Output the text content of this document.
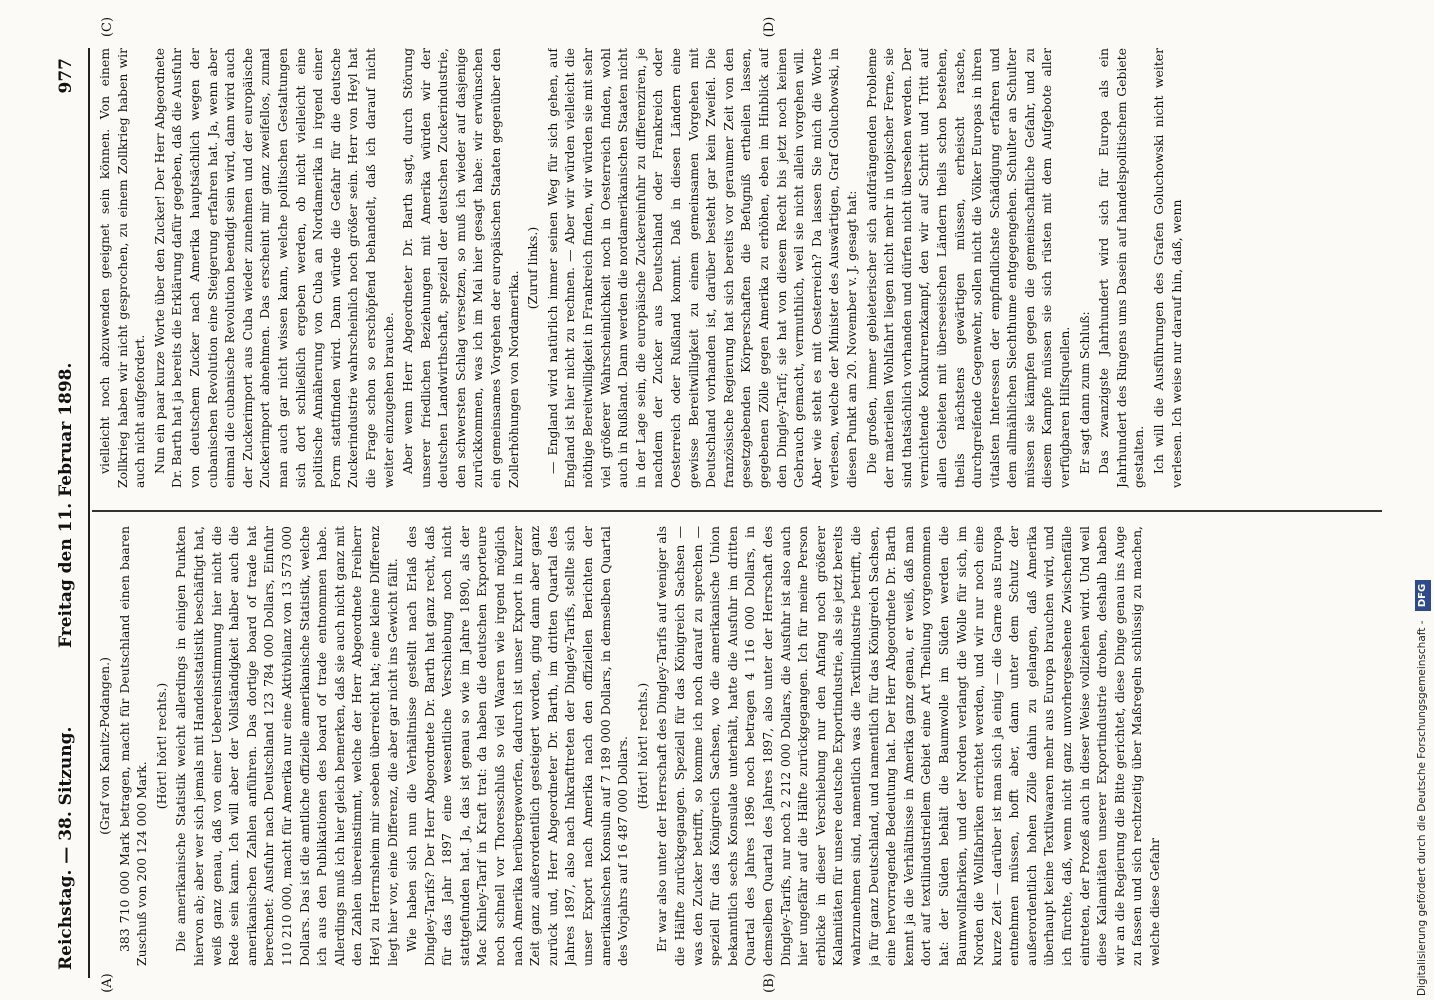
Reichstag. — 38. Sitzung.
Freitag den 11. Februar 1898.
977
(A)	(B)
(C)	(D)

(Graf von Kanitz-Podangen.) 383 710 000 Mark betragen, macht für Deutschland einen baaren Zuschuß von 200 124 000 Mark.

(Hört! hört! rechts.) Die amerikanische Statistik weicht allerdings in einigen Punkten hiervon ab; aber wer sich jemals mit Handelsstatistik beschäftigt hat, weiß ganz genau, daß von einer Uebereinstimmung hier nicht die Rede sein kann. Ich will aber der Vollständigkeit halber auch die amerikanischen Zahlen anführen. Das dortige board of trade hat berechnet: Ausfuhr nach Deutschland 123 784 000 Dollars, Einfuhr 110 210 000, macht für Amerika nur eine Aktivbilanz von 13 573 000 Dollars. Das ist die amtliche offizielle amerikanische Statistik, welche ich aus den Publikationen des board of trade entnommen habe. Allerdings muß ich hier gleich bemerken, daß sie auch nicht ganz mit den Zahlen übereinstimmt, welche der Herr Abgeordnete Freiherr Heyl zu Herrnsheim mir soeben überreicht hat; eine kleine Differenz liegt hier vor, eine Differenz, die aber gar nicht ins Gewicht fällt. Wie haben sich nun die Verhältnisse gestellt nach Erlaß des Dingley-Tarifs? Der Herr Abgeordnete Dr. Barth hat ganz recht, daß für das Jahr 1897 eine wesentliche Verschiebung noch nicht stattgefunden hat. Ja, das ist genau so wie im Jahre 1890, als der Mac Kinley-Tarif in Kraft trat: da haben die deutschen Exporteure noch schnell vor Thoresschluß so viel Waaren wie irgend möglich nach Amerika herübergeworfen, dadurch ist unser Export in kurzer Zeit ganz außerordentlich gesteigert worden, ging dann aber ganz zurück und, Herr Abgeordneter Dr. Barth, im dritten Quartal des Jahres 1897, also nach Inkrafttreten der Dingley-Tarifs, stellte sich unser Export nach Amerika nach den offiziellen Berichten der amerikanischen Konsuln auf 7 189 000 Dollars, in demselben Quartal des Vorjahrs auf 16 487 000 Dollars. (Hört! hört! rechts.) Er war also unter der Herrschaft des Dingley-Tarifs auf weniger als die Hälfte zurückgegangen. Speziell für das Königreich Sachsen — was den Zucker betrifft, so komme ich noch darauf zu sprechen — speziell für das Königreich Sachsen, wo die amerikanische Union bekanntlich sechs Konsulate unterhält, hatte die Ausfuhr im dritten Quartal des Jahres 1896 noch betragen 4 116 000 Dollars, in demselben Quartal des Jahres 1897, also unter der Herrschaft des Dingley-Tarifs, nur noch 2 212 000 Dollars, die Ausfuhr ist also auch hier ungefähr auf die Hälfte zurückgegangen. Ich für meine Person erblicke in dieser Verschiebung nur den Anfang noch größerer Kalamitäten für unsere deutsche Exportindustrie, als sie jetzt bereits wahrzunehmen sind, namentlich was die Textilindustrie betrifft, die ja für ganz Deutschland, und namentlich für das Königreich Sachsen, eine hervorragende Bedeutung hat. Der Herr Abgeordnete Dr. Barth kennt ja die Verhältnisse in Amerika ganz genau, er weiß, daß man dort auf textilindustriellem Gebiet eine Art Theilung vorgenommen hat: der Süden behält die Baumwolle im Süden werden die Baumwollfabriken, und der Norden verlangt die Wolle für sich, im Norden die Wollfabriken errichtet werden, und wir nur noch eine kurze Zeit — darüber ist man sich ja einig — die Garne aus Europa entnehmen müssen, hofft aber, dann unter dem Schutz der außerordentlich hohen Zölle dahin zu gelangen, daß Amerika überhaupt keine Textilwaaren mehr aus Europa brauchen wird, und ich fürchte, daß, wenn nicht ganz unvorhergesehene Zwischenfälle eintreten, der Prozeß auch in dieser Weise vollziehen wird. Und weil diese Kalamitäten unserer Exportindustrie drohen, deshalb haben wir an die Regierung die Bitte gerichtet, diese Dinge genau ins Auge zu fassen und sich rechtzeitig über Maßregeln schlüssig zu machen, welche diese Gefahr

vielleicht noch abzuwenden geeignet sein können. Von einem Zollkrieg haben wir nicht gesprochen, zu einem Zollkrieg haben wir auch nicht aufgefordert. Nun ein paar kurze Worte über den Zucker! Der Herr Abgeordnete Dr. Barth hat ja bereits die Erklärung dafür gegeben, daß die Ausfuhr von deutschem Zucker nach Amerika hauptsächlich wegen der cubanischen Revolution eine Steigerung erfahren hat. Ja, wenn aber einmal die cubanische Revolution beendigt sein wird, dann wird auch der Zuckerimport aus Cuba wieder zunehmen und der europäische Zuckerimport abnehmen. Das erscheint mir ganz zweifellos, zumal man auch gar nicht wissen kann, welche politischen Gestaltungen sich dort schließlich ergeben werden, ob nicht vielleicht eine politische Annäherung von Cuba an Nordamerika in irgend einer Form stattfinden wird. Dann würde die Gefahr für die deutsche Zuckerindustrie wahrscheinlich noch größer sein. Herr von Heyl hat die Frage schon so erschöpfend behandelt, daß ich darauf nicht weiter einzugehen brauche. Aber wenn Herr Abgeordneter Dr. Barth sagt, durch Störung unserer friedlichen Beziehungen mit Amerika würden wir der deutschen Landwirthschaft, speziell der deutschen Zuckerindustrie, den schwersten Schlag versetzen, so muß ich wieder auf dasjenige zurückkommen, was ich im Mai hier gesagt habe: wir erwünschen ein gemeinsames Vorgehen der europäischen Staaten gegenüber den Zollerhöhungen von Nordamerika.

(Zuruf links.) — England wird natürlich immer seinen Weg für sich gehen, auf England ist hier nicht zu rechnen. — Aber wir würden vielleicht die nöthige Bereitwilligkeit in Frankreich finden, wir würden sie mit sehr viel größerer Wahrscheinlichkeit noch in Oesterreich finden, wohl auch in Rußland. Dann werden die nordamerikanischen Staaten nicht in der Lage sein, die europäische Zuckereinfuhr zu differenziren, je nachdem der Zucker aus Deutschland oder Frankreich oder Oesterreich oder Rußland kommt. Daß in diesen Ländern eine gewisse Bereitwilligkeit zu einem gemeinsamen Vorgehen mit Deutschland vorhanden ist, darüber besteht gar kein Zweifel. Die französische Regierung hat sich bereits vor geraumer Zeit von den gesetzgebenden Körperschaften die Befugniß ertheilen lassen, gegebenen Zölle gegen Amerika zu erhöhen, eben im Hinblick auf den Dingley-Tarif; sie hat von diesem Recht bis jetzt noch keinen Gebrauch gemacht, vermuthlich, weil sie nicht allein vorgehen will. Aber wie steht es mit Oesterreich? Da lassen Sie mich die Worte verlesen, welche der Minister des Auswärtigen, Graf Goluchowski, in diesen Punkt am 20. November v. J. gesagt hat: Die großen, immer gebieterischer sich aufdrängenden Probleme der materiellen Wohlfahrt liegen nicht mehr in utopischer Ferne, sie sind thatsächlich vorhanden und dürfen nicht übersehen werden. Der vernichtende Konkurrenzkampf, den wir auf Schritt und Tritt auf allen Gebieten mit überseeischen Ländern theils schon bestehen, theils nächstens gewärtigen müssen, erheischt rasche, durchgreifende Gegenwehr, sollen nicht die Völker Europas in ihren vitalsten Interessen der empfindlichste Schädigung erfahren und dem allmählichen Siechthume entgegengehen. Schulter an Schulter müssen sie kämpfen gegen die gemeinschaftliche Gefahr, und zu diesem Kampfe müssen sie sich rüsten mit dem Aufgebote aller verfügbaren Hilfsquellen. Er sagt dann zum Schluß: Das zwanzigste Jahrhundert wird sich für Europa als ein Jahrhundert des Ringens ums Dasein auf handelspolitischem Gebiete gestalten. Ich will die Ausführungen des Grafen Goluchowski nicht weiter verlesen. Ich weise nur darauf hin, daß, wenn

Digitalisierung gefördert durch die Deutsche Forschungsgemeinschaft - DFG
